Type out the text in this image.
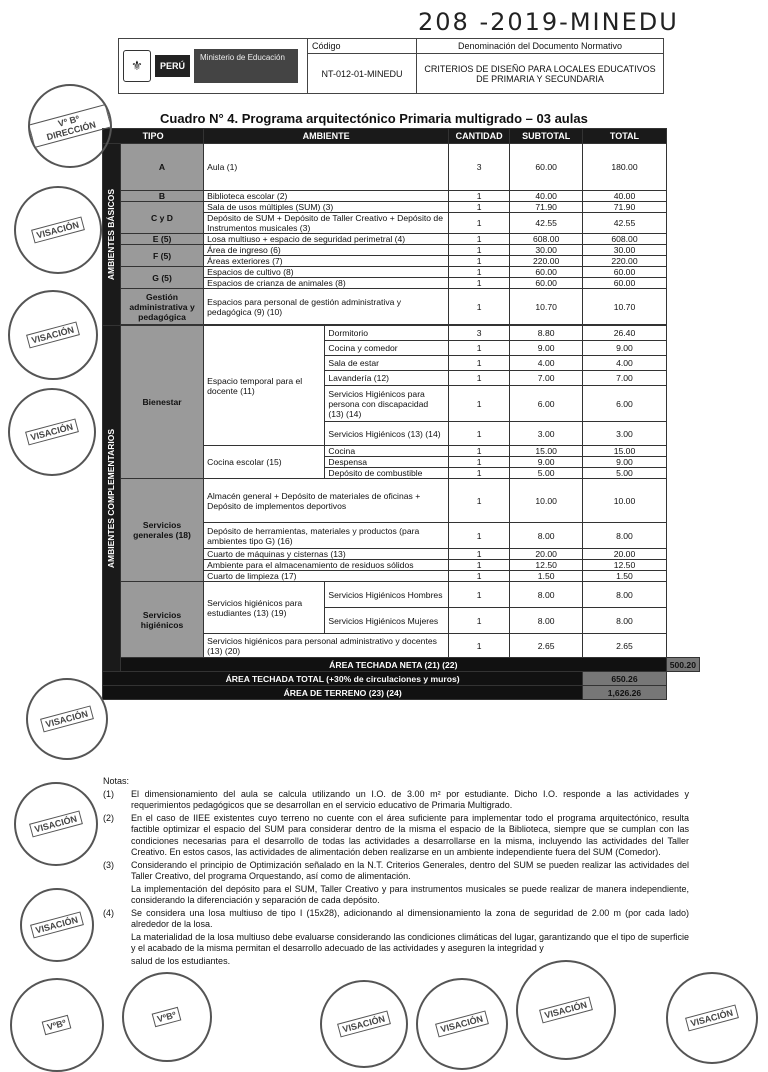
208 -2019-MINEDU
⚜ PERÚ
Ministerio de Educación	Código	Denominación del Documento Normativo
	NT-012-01-MINEDU	CRITERIOS DE DISEÑO PARA LOCALES EDUCATIVOS DE PRIMARIA Y SECUNDARIA
Cuadro N° 4. Programa arquitectónico Primaria multigrado – 03 aulas
TIPO		AMBIENTE		CANTIDAD	SUBTOTAL	TOTAL	

AMBIENTES BÁSICOS	A	Aula (1)		3	60.00	180.00	
	B	Biblioteca escolar (2)		1	40.00	40.00	
	C y D	Sala de usos múltiples (SUM) (3)		1	71.90	71.90	
		Depósito de SUM + Depósito de Taller Creativo + Depósito de Instrumentos musicales (3)		1	42.55	42.55	
	E (5)	Losa multiuso + espacio de seguridad perimetral (4)		1	608.00	608.00	
	F (5)	Área de ingreso (6)		1	30.00	30.00	
		Áreas exteriores (7)		1	220.00	220.00	
	G (5)	Espacios de cultivo (8)		1	60.00	60.00	
		Espacios de crianza de animales (8)		1	60.00	60.00	
	Gestión administrativa y pedagógica	Espacios para personal de gestión administrativa y pedagógica (9) (10)		1	10.70	10.70	

AMBIENTES COMPLEMENTARIOS	Bienestar	Espacio temporal para el docente (11)	Dormitorio	3	8.80	26.40	
			Cocina y comedor	1	9.00	9.00	
			Sala de estar	1	4.00	4.00	
			Lavandería (12)	1	7.00	7.00	
			Servicios Higiénicos para persona con discapacidad (13) (14)	1	6.00	6.00	
			Servicios Higiénicos (13) (14)	1	3.00	3.00	
		Cocina escolar (15)	Cocina	1	15.00	15.00	
			Despensa	1	9.00	9.00	
			Depósito de combustible	1	5.00	5.00	
	Servicios generales (18)	Almacén general + Depósito de materiales de oficinas + Depósito de implementos deportivos		1	10.00	10.00	
		Depósito de herramientas, materiales y productos (para ambientes tipo G) (16)		1	8.00	8.00	
		Cuarto de máquinas y cisternas (13)		1	20.00	20.00	
		Ambiente para el almacenamiento de residuos sólidos		1	12.50	12.50	
		Cuarto de limpieza (17)		1	1.50	1.50	
	Servicios higiénicos	Servicios higiénicos para estudiantes (13) (19)	Servicios Higiénicos Hombres	1	8.00	8.00	
			Servicios Higiénicos Mujeres	1	8.00	8.00	
		Servicios higiénicos para personal administrativo y docentes (13) (20)		1	2.65	2.65	
	ÁREA TECHADA NETA (21) (22)						500.20
ÁREA TECHADA TOTAL (+30% de circulaciones y muros)						650.26	
ÁREA DE TERRENO (23) (24)						1,626.26	
Notas:
(1)	El dimensionamiento del aula se calcula utilizando un I.O. de 3.00 m² por estudiante. Dicho I.O. responde a las actividades y requerimientos pedagógicos que se desarrollan en el servicio educativo de Primaria Multigrado.
(2)	En el caso de IIEE existentes cuyo terreno no cuente con el área suficiente para implementar todo el programa arquitectónico, resulta factible optimizar el espacio del SUM para considerar dentro de la misma el espacio de la Biblioteca, siempre que se cumplan con las condiciones necesarias para el desarrollo de todas las actividades a desarrollarse en la misma, incluyendo las actividades del Taller Creativo. En estos casos, las actividades de alimentación deben realizarse en un ambiente independiente fuera del SUM (Comedor).
(3)	Considerando el principio de Optimización señalado en la N.T. Criterios Generales, dentro del SUM se pueden realizar las actividades del Taller Creativo, del programa Orquestando, así como de alimentación.
La implementación del depósito para el SUM, Taller Creativo y para instrumentos musicales se puede realizar de manera independiente, considerando la diferenciación y separación de cada depósito.
(4)	Se considera una losa multiuso de tipo I (15x28), adicionando al dimensionamiento la zona de seguridad de 2.00 m (por cada lado) alrededor de la losa.
La materialidad de la losa multiuso debe evaluarse considerando las condiciones climáticas del lugar, garantizando que el tipo de superficie y el acabado de la misma permitan el desarrollo adecuado de las actividades y aseguren la integridad y
salud de los estudiantes.
Vº Bº DIRECCIÓN
VISACIÓN
VISACIÓN
VISACIÓN
VISACIÓN
VISACIÓN
VISACIÓN
VºBº
VºBº	VISACIÓN	VISACIÓN
VISACIÓN	VISACIÓN
